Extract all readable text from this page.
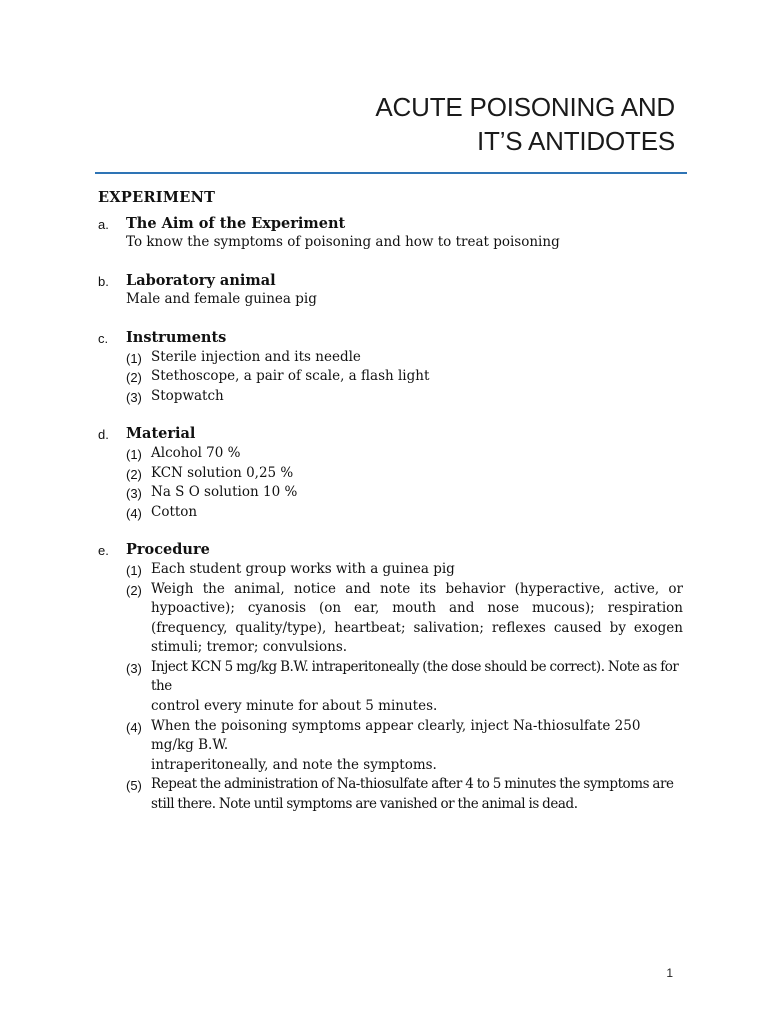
ACUTE POISONING AND
IT’S ANTIDOTES
EXPERIMENT
a. The Aim of the Experiment
To know the symptoms of poisoning and how to treat poisoning
b. Laboratory animal
Male and female guinea pig
c. Instruments
(1) Sterile injection and its needle
(2) Stethoscope, a pair of scale, a flash light
(3) Stopwatch
d. Material
(1) Alcohol 70 %
(2) KCN solution 0,25 %
(3) Na S O solution 10 %
(4) Cotton
e. Procedure
(1) Each student group works with a guinea pig
(2) Weigh the animal, notice and note its behavior (hyperactive, active, or hypoactive); cyanosis (on ear, mouth and nose mucous); respiration (frequency, quality/type), heartbeat; salivation; reflexes caused by exogen stimuli; tremor; convulsions.
(3) Inject KCN 5 mg/kg B.W. intraperitoneally (the dose should be correct). Note as for the
control every minute for about 5 minutes.
(4) When the poisoning symptoms appear clearly, inject Na-thiosulfate 250 mg/kg B.W.
intraperitoneally, and note the symptoms.
(5) Repeat the administration of Na-thiosulfate after 4 to 5 minutes the symptoms are still there. Note until symptoms are vanished or the animal is dead.
1
